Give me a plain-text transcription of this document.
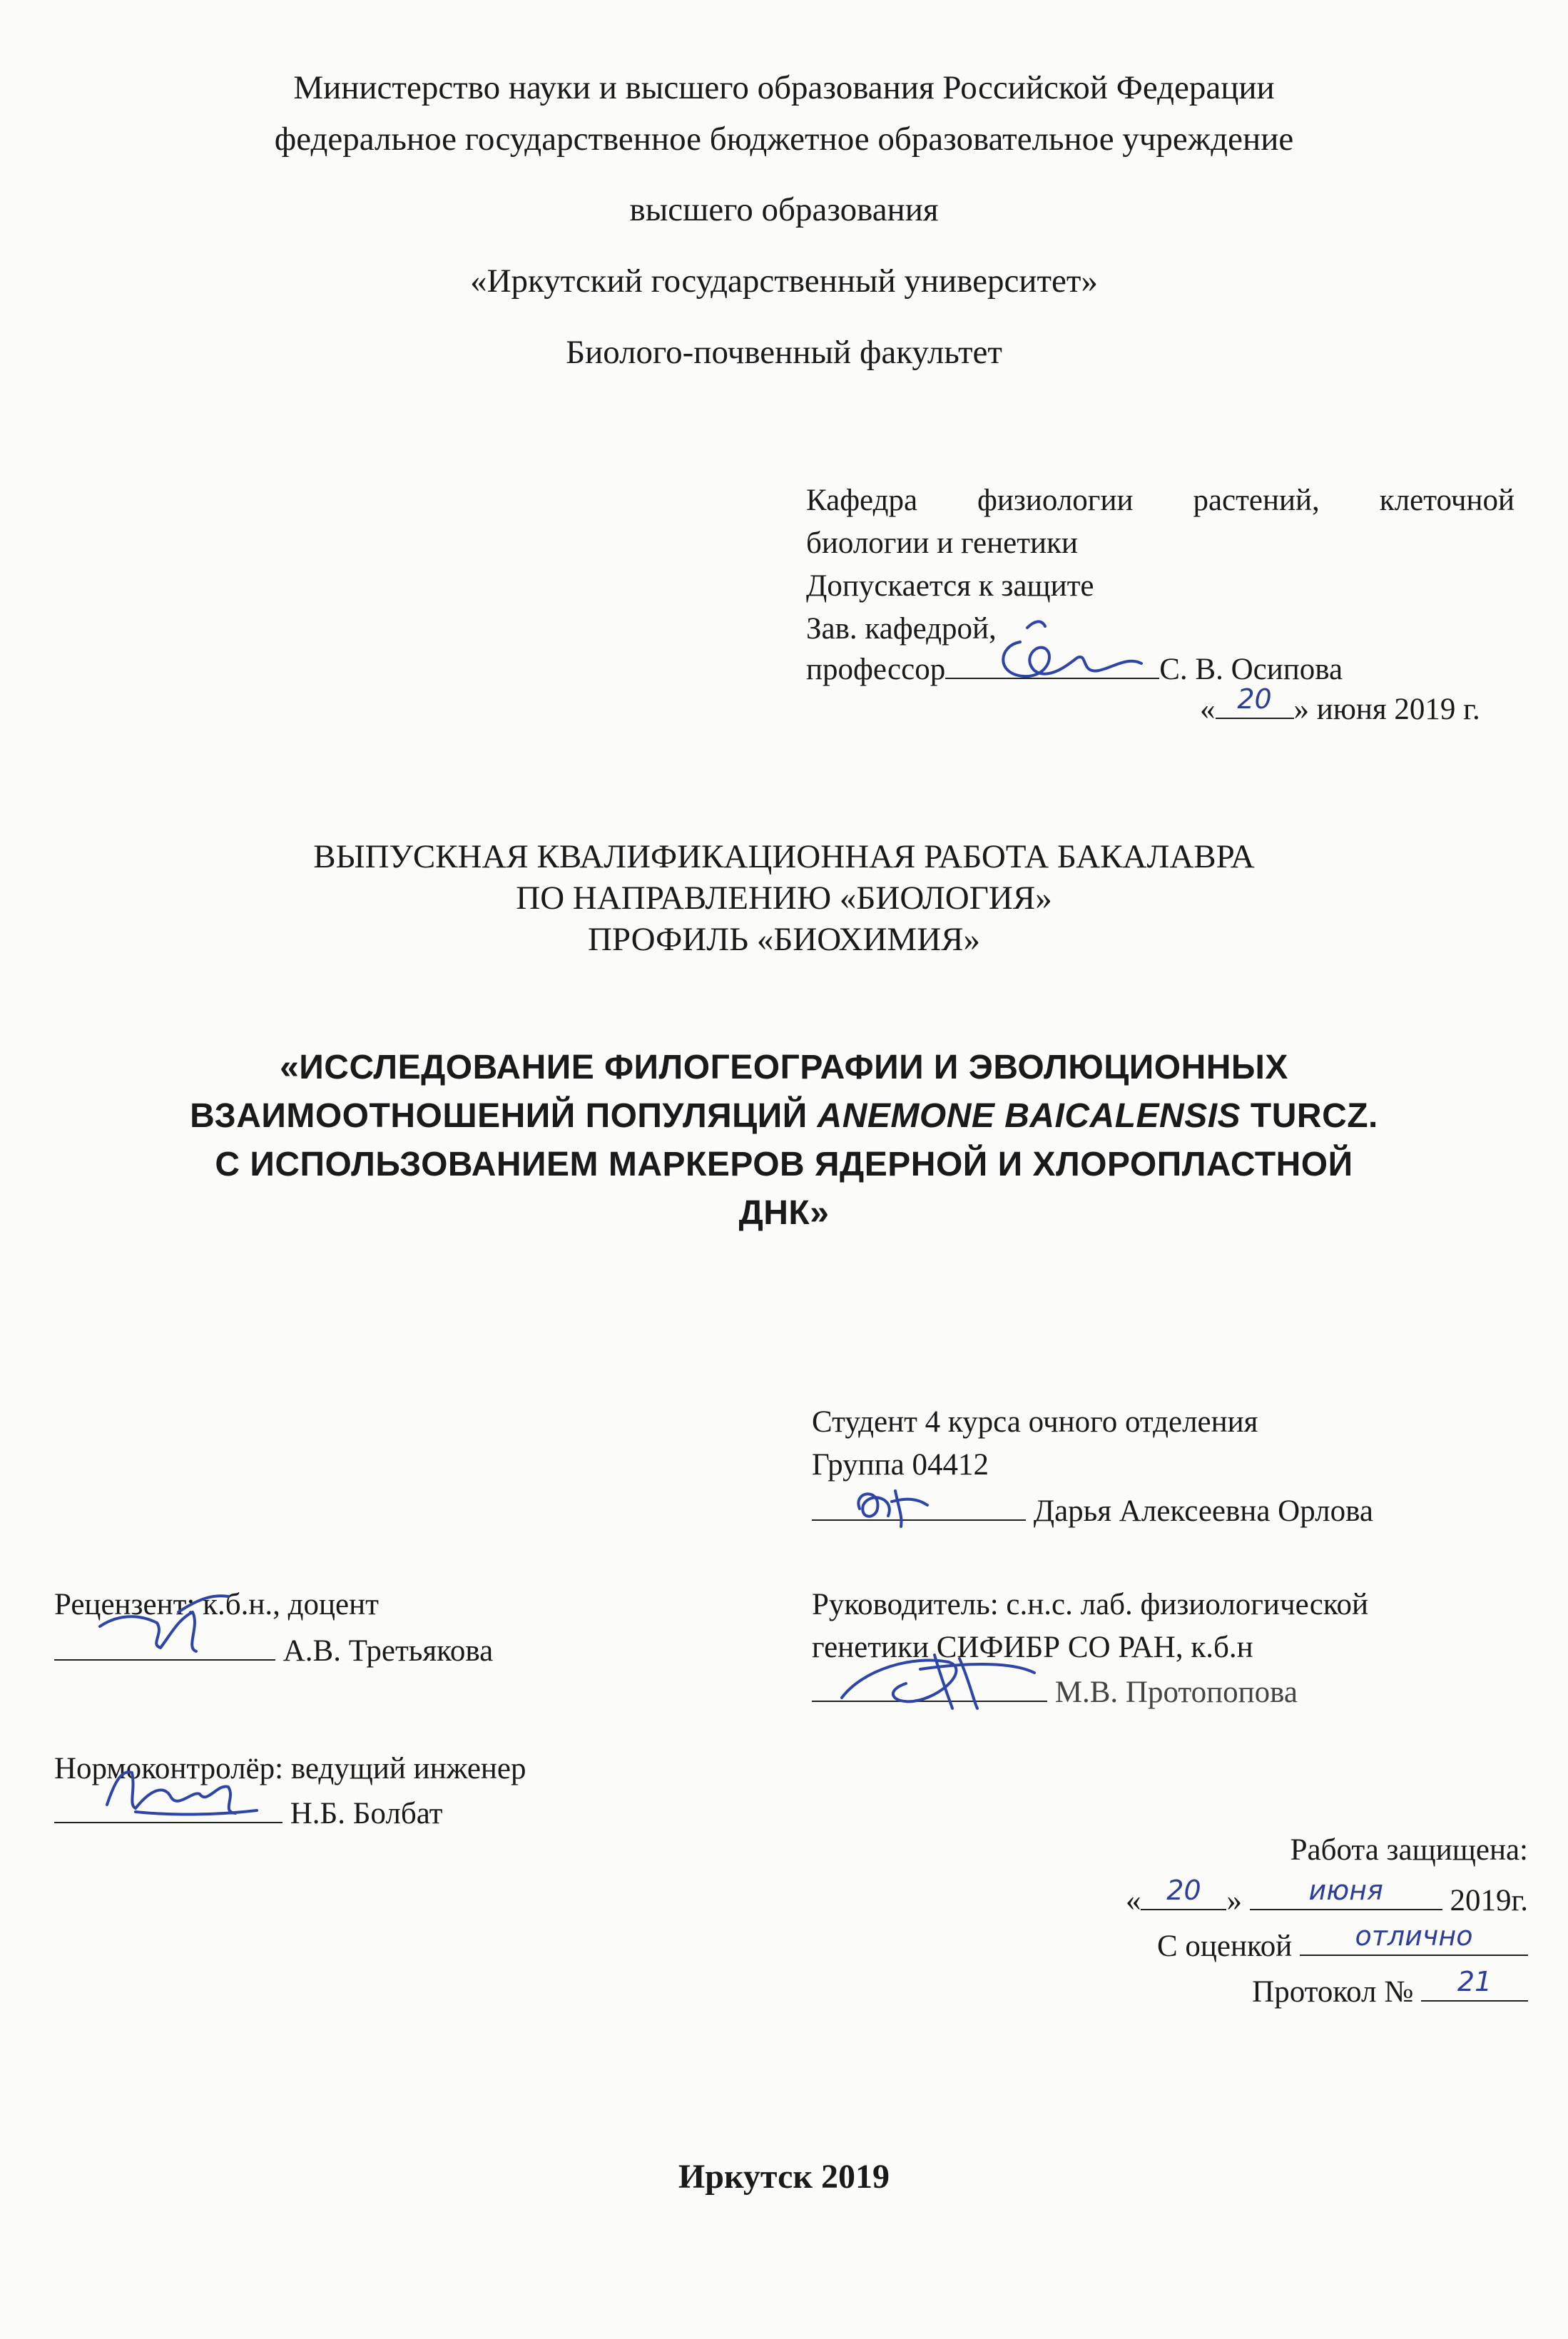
Министерство науки и высшего образования Российской Федерации
федеральное государственное бюджетное образовательное учреждение
высшего образования
«Иркутский государственный университет»
Биолого-почвенный факультет
Кафедра физиологии растений, клеточной
биологии и генетики
Допускается к защите
Зав. кафедрой,
профессор	С. В. Осипова
« 20 » июня 2019 г.
ВЫПУСКНАЯ КВАЛИФИКАЦИОННАЯ РАБОТА БАКАЛАВРА
ПО НАПРАВЛЕНИЮ «БИОЛОГИЯ»
ПРОФИЛЬ «БИОХИМИЯ»
«ИССЛЕДОВАНИЕ ФИЛОГЕОГРАФИИ И ЭВОЛЮЦИОННЫХ
ВЗАИМООТНОШЕНИЙ ПОПУЛЯЦИЙ ANEMONE BAICALENSIS TURCZ.
С ИСПОЛЬЗОВАНИЕМ МАРКЕРОВ ЯДЕРНОЙ И ХЛОРОПЛАСТНОЙ
ДНК»
Студент 4 курса очного отделения
Группа 04412
Дарья Алексеевна Орлова
Рецензент: к.б.н., доцент
А.В. Третьякова
Руководитель: с.н.с. лаб. физиологической
генетики СИФИБР СО РАН, к.б.н
М.В. Протопопова
Нормоконтролёр: ведущий инженер
Н.Б. Болбат
Работа защищена:
« 20 »	июня	2019г.
С оценкой	отлично
Протокол №	21
Иркутск 2019
